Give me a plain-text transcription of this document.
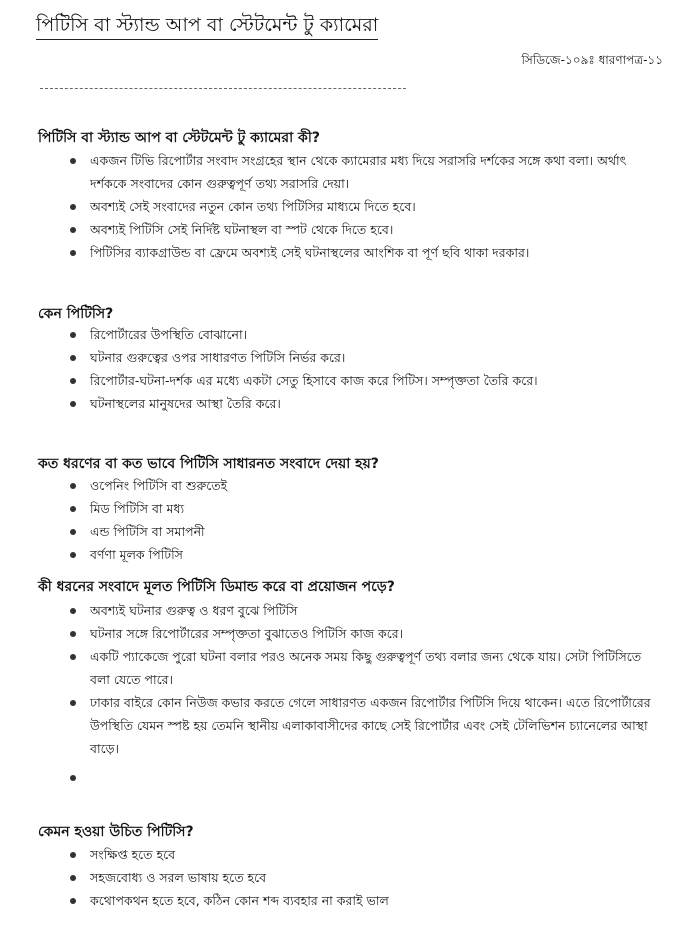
পিটিসি বা স্ট্যান্ড আপ বা স্টেটমেন্ট টু ক্যামেরা
সিডিজে-১০৯ঃ ধারণাপত্র-১১
পিটিসি বা স্ট্যান্ড আপ বা স্টেটমেন্ট টু ক্যামেরা কী?
একজন টিভি রিপোর্টার সংবাদ সংগ্রহের স্থান থেকে ক্যামেরার মধ্য দিয়ে সরাসরি দর্শকের সঙ্গে কথা বলা। অর্থাৎ দর্শককে সংবাদের কোন গুরুত্বপূর্ণ তথ্য সরাসরি দেয়া।
অবশ্যই সেই সংবাদের নতুন কোন তথ্য পিটিসির মাধ্যমে দিতে হবে।
অবশ্যই পিটিসি সেই নির্দিষ্ট ঘটনাস্থল বা স্পট থেকে দিতে হবে।
পিটিসির ব্যাকগ্রাউন্ড বা ফ্রেমে অবশ্যই সেই ঘটনাস্থলের আংশিক বা পূর্ণ ছবি থাকা দরকার।
কেন পিটিসি?
রিপোর্টারের উপস্থিতি বোঝানো।
ঘটনার গুরুত্বের ওপর সাধারণত পিটিসি নির্ভর করে।
রিপোর্টার-ঘটনা-দর্শক এর মধ্যে একটা সেতু হিসাবে কাজ করে পিটিস। সম্পৃক্ততা তৈরি করে।
ঘটনাস্থলের মানুষদের আস্থা তৈরি করে।
কত ধরণের বা কত ভাবে পিটিসি সাধারনত সংবাদে দেয়া হয়?
ওপেনিং পিটিসি বা শুরুতেই
মিড পিটিসি বা মধ্য
এন্ড পিটিসি বা সমাপনী
বর্ণণা মূলক পিটিসি
কী ধরনের সংবাদে মূলত পিটিসি ডিমান্ড করে বা প্রয়োজন পড়ে?
অবশ্যই ঘটনার গুরুত্ব ও ধরণ বুঝে পিটিসি
ঘটনার সঙ্গে রিপোর্টারের সম্পৃক্ততা বুঝাতেও পিটিসি কাজ করে।
একটি প্যাকেজে পুরো ঘটনা বলার পরও অনেক সময় কিছু গুরুত্বপূর্ণ তথ্য বলার জন্য থেকে যায়। সেটা পিটিসিতে বলা যেতে পারে।
ঢাকার বাইরে কোন নিউজ কভার করতে গেলে সাধারণত একজন রিপোর্টার পিটিসি দিয়ে থাকেন। এতে রিপোর্টারের উপস্থিতি যেমন স্পষ্ট হয় তেমনি স্থানীয় এলাকাবাসীদের কাছে সেই রিপোর্টার এবং সেই টেলিভিশন চ্যানেলের আস্থা বাড়ে।

কেমন হওয়া উচিত পিটিসি?
সংক্ষিপ্ত হতে হবে
সহজবোধ্য ও সরল ভাষায় হতে হবে
কথোপকথন হতে হবে, কঠিন কোন শব্দ ব্যবহার না করাই ভাল
